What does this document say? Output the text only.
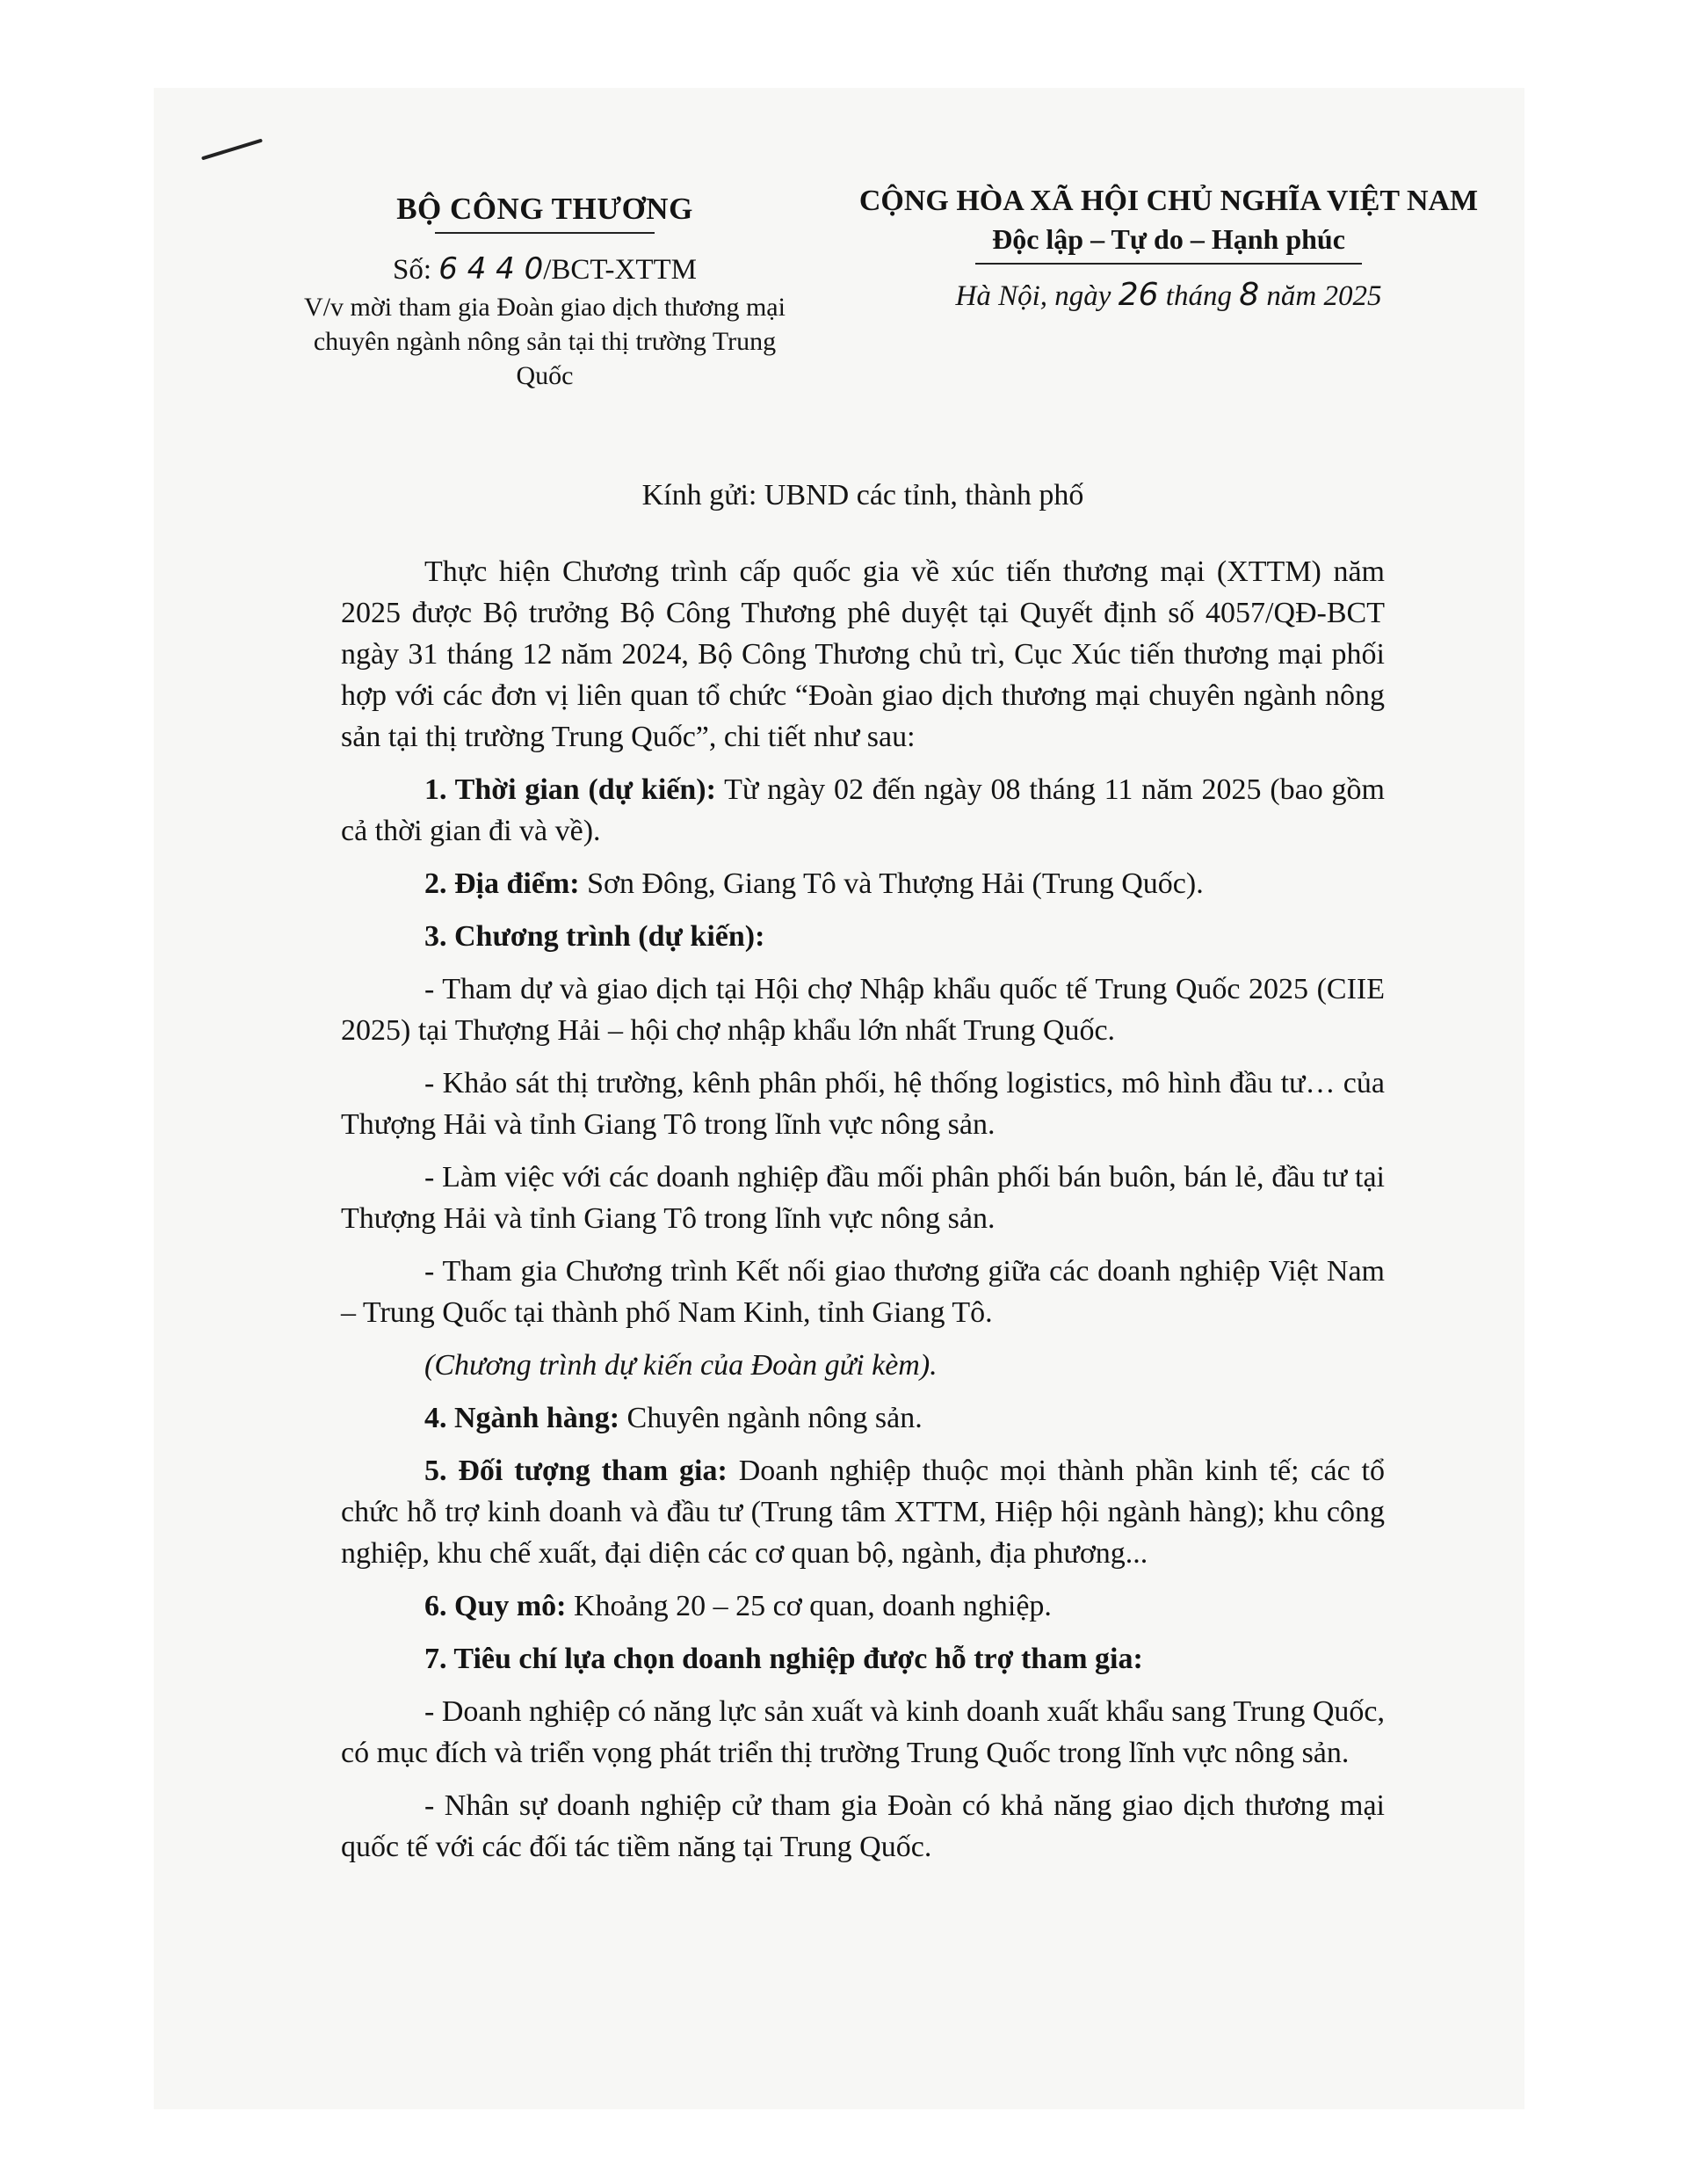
BỘ CÔNG THƯƠNG
Số: 6 4 4 0/BCT-XTTM
V/v mời tham gia Đoàn giao dịch thương mại chuyên ngành nông sản tại thị trường Trung Quốc
CỘNG HÒA XÃ HỘI CHỦ NGHĨA VIỆT NAM
Độc lập – Tự do – Hạnh phúc
Hà Nội, ngày 26 tháng 8 năm 2025
Kính gửi: UBND các tỉnh, thành phố

Thực hiện Chương trình cấp quốc gia về xúc tiến thương mại (XTTM) năm 2025 được Bộ trưởng Bộ Công Thương phê duyệt tại Quyết định số 4057/QĐ-BCT ngày 31 tháng 12 năm 2024, Bộ Công Thương chủ trì, Cục Xúc tiến thương mại phối hợp với các đơn vị liên quan tổ chức “Đoàn giao dịch thương mại chuyên ngành nông sản tại thị trường Trung Quốc”, chi tiết như sau:

1. Thời gian (dự kiến): Từ ngày 02 đến ngày 08 tháng 11 năm 2025 (bao gồm cả thời gian đi và về).

2. Địa điểm: Sơn Đông, Giang Tô và Thượng Hải (Trung Quốc).

3. Chương trình (dự kiến):

- Tham dự và giao dịch tại Hội chợ Nhập khẩu quốc tế Trung Quốc 2025 (CIIE 2025) tại Thượng Hải – hội chợ nhập khẩu lớn nhất Trung Quốc.

- Khảo sát thị trường, kênh phân phối, hệ thống logistics, mô hình đầu tư… của Thượng Hải và tỉnh Giang Tô trong lĩnh vực nông sản.

- Làm việc với các doanh nghiệp đầu mối phân phối bán buôn, bán lẻ, đầu tư tại Thượng Hải và tỉnh Giang Tô trong lĩnh vực nông sản.

- Tham gia Chương trình Kết nối giao thương giữa các doanh nghiệp Việt Nam – Trung Quốc tại thành phố Nam Kinh, tỉnh Giang Tô.

(Chương trình dự kiến của Đoàn gửi kèm).

4. Ngành hàng: Chuyên ngành nông sản.

5. Đối tượng tham gia: Doanh nghiệp thuộc mọi thành phần kinh tế; các tổ chức hỗ trợ kinh doanh và đầu tư (Trung tâm XTTM, Hiệp hội ngành hàng); khu công nghiệp, khu chế xuất, đại diện các cơ quan bộ, ngành, địa phương...

6. Quy mô: Khoảng 20 – 25 cơ quan, doanh nghiệp.

7. Tiêu chí lựa chọn doanh nghiệp được hỗ trợ tham gia:

- Doanh nghiệp có năng lực sản xuất và kinh doanh xuất khẩu sang Trung Quốc, có mục đích và triển vọng phát triển thị trường Trung Quốc trong lĩnh vực nông sản.

- Nhân sự doanh nghiệp cử tham gia Đoàn có khả năng giao dịch thương mại quốc tế với các đối tác tiềm năng tại Trung Quốc.
